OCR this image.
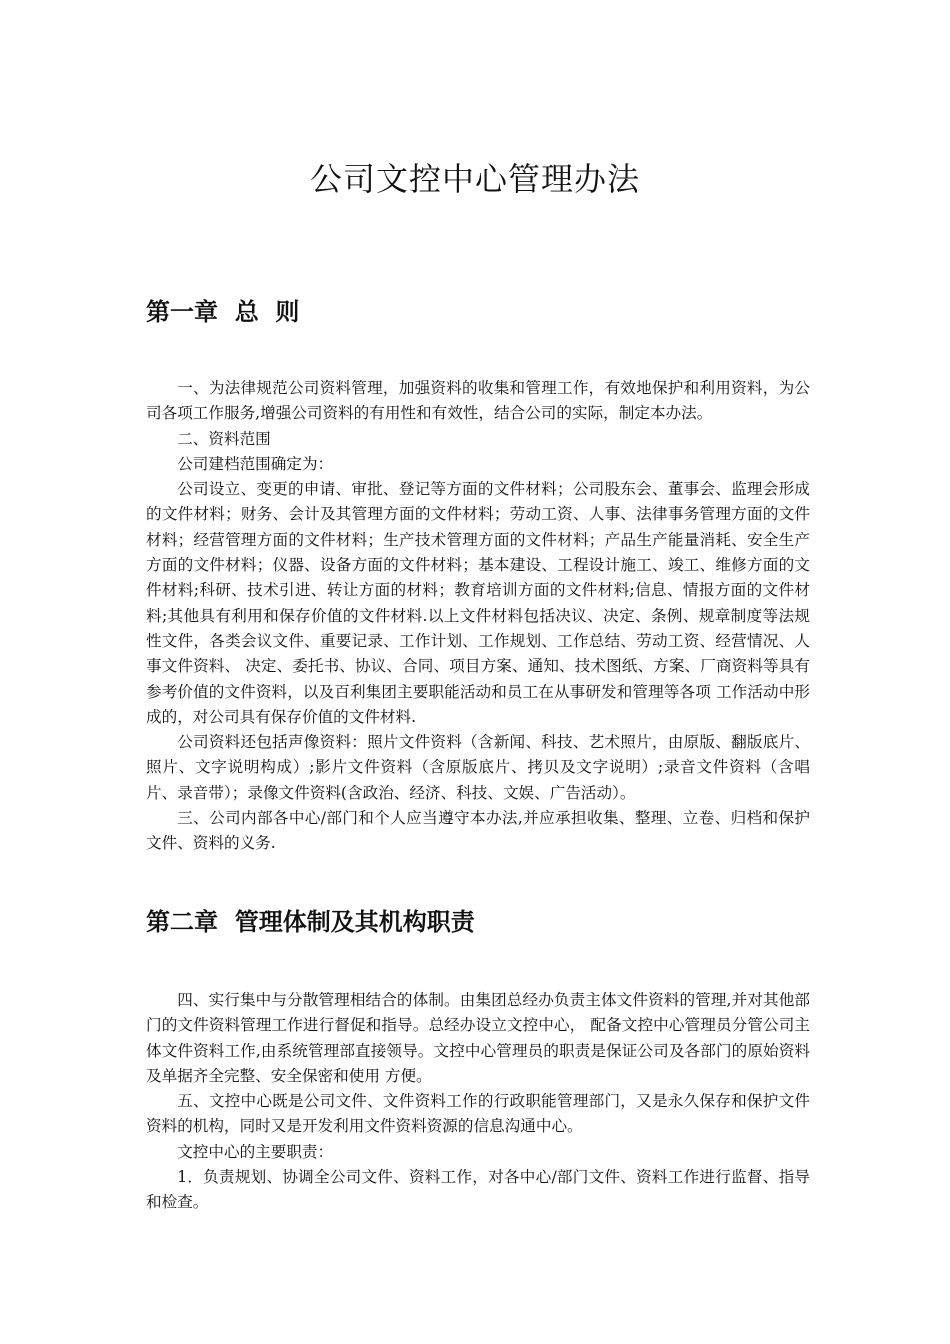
公司文控中心管理办法
第一章  总  则

一、为法律规范公司资料管理，加强资料的收集和管理工作，有效地保护和利用资料，为公司各项工作服务,增强公司资料的有用性和有效性，结合公司的实际，制定本办法。

二、资料范围

公司建档范围确定为：

公司设立、变更的申请、审批、登记等方面的文件材料；公司股东会、董事会、监理会形成的文件材料；财务、会计及其管理方面的文件材料；劳动工资、人事、法律事务管理方面的文件材料；经营管理方面的文件材料；生产技术管理方面的文件材料；产品生产能量消耗、安全生产方面的文件材料；仪器、设备方面的文件材料；基本建设、工程设计施工、竣工、维修方面的文件材料;科研、技术引进、转让方面的材料；教育培训方面的文件材料;信息、情报方面的文件材料;其他具有利用和保存价值的文件材料.以上文件材料包括决议、决定、条例、规章制度等法规性文件，各类会议文件、重要记录、工作计划、工作规划、工作总结、劳动工资、经营情况、人事文件资料、 决定、委托书、协议、合同、项目方案、通知、技术图纸、方案、厂商资料等具有参考价值的文件资料，以及百利集团主要职能活动和员工在从事研发和管理等各项 工作活动中形成的，对公司具有保存价值的文件材料.

公司资料还包括声像资料：照片文件资料（含新闻、科技、艺术照片，由原版、翻版底片、照片、文字说明构成）;影片文件资料（含原版底片、拷贝及文字说明）;录音文件资料（含唱片、录音带）；录像文件资料(含政治、经济、科技、文娱、广告活动）。

三、公司内部各中心/部门和个人应当遵守本办法,并应承担收集、整理、立卷、归档和保护文件、资料的义务.

第二章  管理体制及其机构职责

四、实行集中与分散管理相结合的体制。由集团总经办负责主体文件资料的管理,并对其他部门的文件资料管理工作进行督促和指导。总经办设立文控中心， 配备文控中心管理员分管公司主体文件资料工作,由系统管理部直接领导。文控中心管理员的职责是保证公司及各部门的原始资料及单据齐全完整、安全保密和使用 方便。

五、文控中心既是公司文件、文件资料工作的行政职能管理部门，又是永久保存和保护文件资料的机构，同时又是开发利用文件资料资源的信息沟通中心。

文控中心的主要职责：

1．负责规划、协调全公司文件、资料工作，对各中心/部门文件、资料工作进行监督、指导和检查。
